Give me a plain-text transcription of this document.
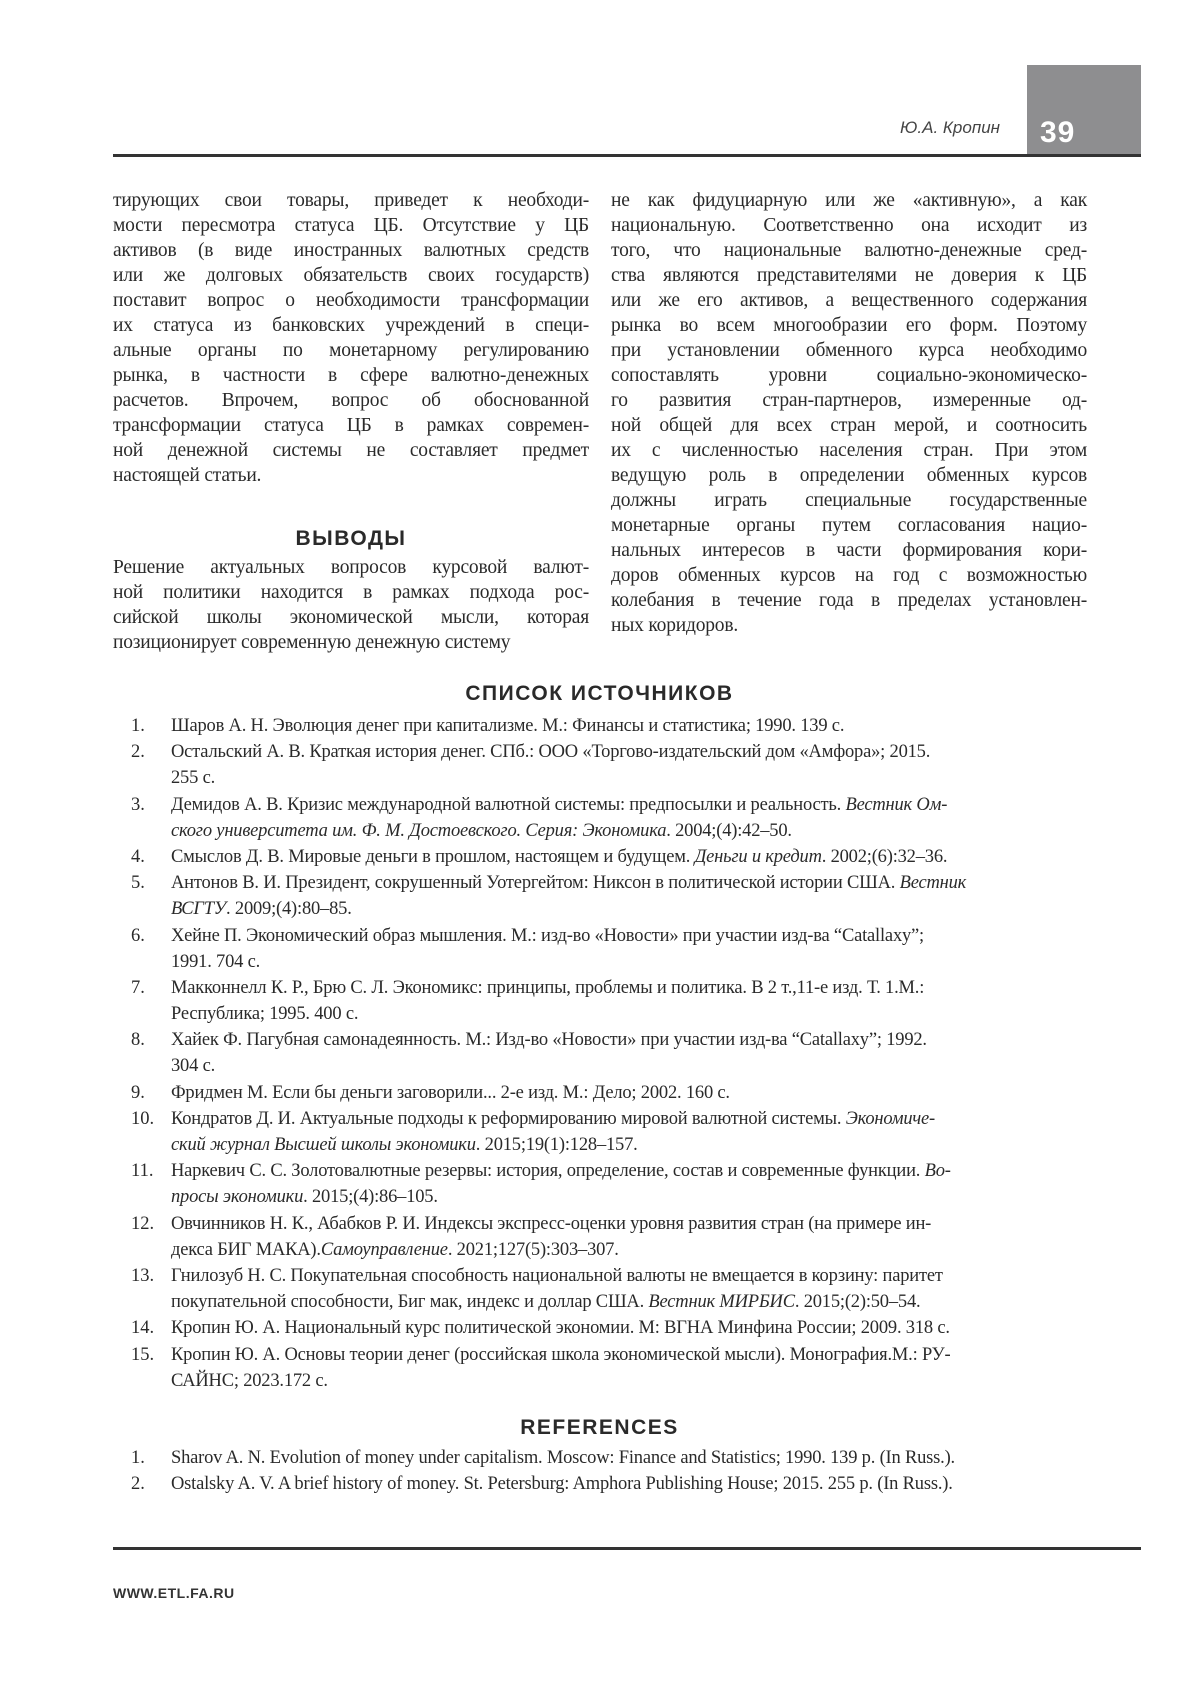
39
Ю.А. Кропин
тирующих свои товары, приведет к необходи-
мости пересмотра статуса ЦБ. Отсутствие у ЦБ
активов (в виде иностранных валютных средств
или же долговых обязательств своих государств)
поставит вопрос о необходимости трансформации
их статуса из банковских учреждений в специ-
альные органы по монетарному регулированию
рынка, в частности в сфере валютно-денежных
расчетов. Впрочем, вопрос об обоснованной
трансформации статуса ЦБ в рамках современ-
ной денежной системы не составляет предмет
настоящей статьи.
ВЫВОДЫ
Решение актуальных вопросов курсовой валют-
ной политики находится в рамках подхода рос-
сийской школы экономической мысли, которая
позиционирует современную денежную систему
не как фидуциарную или же «активную», а как
национальную. Соответственно она исходит из
того, что национальные валютно-денежные сред-
ства являются представителями не доверия к ЦБ
или же его активов, а вещественного содержания
рынка во всем многообразии его форм. Поэтому
при установлении обменного курса необходимо
сопоставлять уровни социально-экономическо-
го развития стран-партнеров, измеренные од-
ной общей для всех стран мерой, и соотносить
их с численностью населения стран. При этом
ведущую роль в определении обменных курсов
должны играть специальные государственные
монетарные органы путем согласования нацио-
нальных интересов в части формирования кори-
доров обменных курсов на год с возможностью
колебания в течение года в пределах установлен-
ных коридоров.
СПИСОК ИСТОЧНИКОВ
1. Шаров А. Н. Эволюция денег при капитализме. М.: Финансы и статистика; 1990. 139 с.
2. Остальский А. В. Краткая история денег. СПб.: ООО «Торгово-издательский дом «Амфора»; 2015.
255 с.
3. Демидов А. В. Кризис международной валютной системы: предпосылки и реальность. Вестник Ом-
ского университета им. Ф. М. Достоевского. Серия: Экономика. 2004;(4):42–50.
4. Смыслов Д. В. Мировые деньги в прошлом, настоящем и будущем. Деньги и кредит. 2002;(6):32–36.
5. Антонов В. И. Президент, сокрушенный Уотергейтом: Никсон в политической истории США. Вестник
ВСГТУ. 2009;(4):80–85.
6. Хейне П. Экономический образ мышления. М.: изд-во «Новости» при участии изд-ва “Catallaxy”;
1991. 704 с.
7. Макконнелл К. Р., Брю С. Л. Экономикс: принципы, проблемы и политика. В 2 т.,11-е изд. Т. 1.М.:
Республика; 1995. 400 с.
8. Хайек Ф. Пагубная самонадеянность. М.: Изд-во «Новости» при участии изд-ва “Catallaxy”; 1992.
304 с.
9. Фридмен М. Если бы деньги заговорили... 2-е изд. М.: Дело; 2002. 160 с.
10. Кондратов Д. И. Актуальные подходы к реформированию мировой валютной системы. Экономиче-
ский журнал Высшей школы экономики. 2015;19(1):128–157.
11. Наркевич С. С. Золотовалютные резервы: история, определение, состав и современные функции. Во-
просы экономики. 2015;(4):86–105.
12. Овчинников Н. К., Абабков Р. И. Индексы экспресс-оценки уровня развития стран (на примере ин-
декса БИГ МАКА).Самоуправление. 2021;127(5):303–307.
13. Гнилозуб Н. С. Покупательная способность национальной валюты не вмещается в корзину: паритет
покупательной способности, Биг мак, индекс и доллар США. Вестник МИРБИС. 2015;(2):50–54.
14. Кропин Ю. А. Национальный курс политической экономии. М: ВГНА Минфина России; 2009. 318 с.
15. Кропин Ю. А. Основы теории денег (российская школа экономической мысли). Монография.М.: РУ-
САЙНС; 2023.172 с.
REFERENCES
1. Sharov A. N. Evolution of money under capitalism. Moscow: Finance and Statistics; 1990. 139 p. (In Russ.).
2. Ostalsky A. V. A brief history of money. St. Petersburg: Amphora Publishing House; 2015. 255 p. (In Russ.).
WWW.ETL.FA.RU
